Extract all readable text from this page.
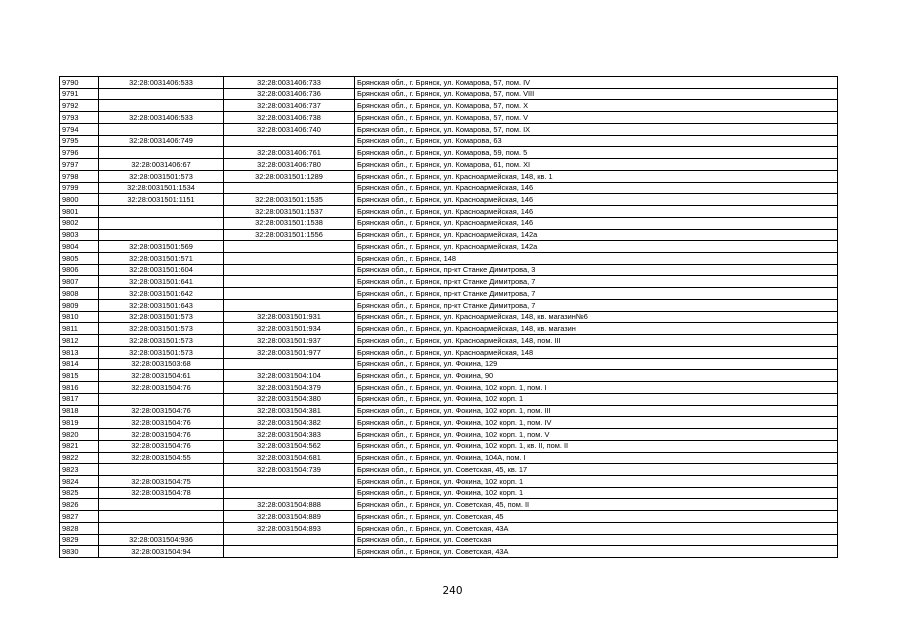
9790	32:28:0031406:533	32:28:0031406:733	Брянская обл., г. Брянск, ул. Комарова, 57, пом. IV
9791		32:28:0031406:736	Брянская обл., г. Брянск, ул. Комарова, 57, пом. VIII
9792		32:28:0031406:737	Брянская обл., г. Брянск, ул. Комарова, 57, пом. X
9793	32:28:0031406:533	32:28:0031406:738	Брянская обл., г. Брянск, ул. Комарова, 57, пом. V
9794		32:28:0031406:740	Брянская обл., г. Брянск, ул. Комарова, 57, пом. IX
9795	32:28:0031406:749		Брянская обл., г. Брянск, ул. Комарова, 63
9796		32:28:0031406:761	Брянская обл., г. Брянск, ул. Комарова, 59, пом. 5
9797	32:28:0031406:67	32:28:0031406:780	Брянская обл., г. Брянск, ул. Комарова, 61, пом. XI
9798	32:28:0031501:573	32:28:0031501:1289	Брянская обл., г. Брянск, ул. Красноармейская, 148, кв. 1
9799	32:28:0031501:1534		Брянская обл., г. Брянск, ул. Красноармейская, 146
9800	32:28:0031501:1151	32:28:0031501:1535	Брянская обл., г. Брянск, ул. Красноармейская, 146
9801		32:28:0031501:1537	Брянская обл., г. Брянск, ул. Красноармейская, 146
9802		32:28:0031501:1538	Брянская обл., г. Брянск, ул. Красноармейская, 146
9803		32:28:0031501:1556	Брянская обл., г. Брянск, ул. Красноармейская, 142а
9804	32:28:0031501:569		Брянская обл., г. Брянск, ул. Красноармейская, 142а
9805	32:28:0031501:571		Брянская обл., г. Брянск, 148
9806	32:28:0031501:604		Брянская обл., г. Брянск, пр-кт Станке Димитрова, 3
9807	32:28:0031501:641		Брянская обл., г. Брянск, пр-кт Станке Димитрова, 7
9808	32:28:0031501:642		Брянская обл., г. Брянск, пр-кт Станке Димитрова, 7
9809	32:28:0031501:643		Брянская обл., г. Брянск, пр-кт Станке Димитрова, 7
9810	32:28:0031501:573	32:28:0031501:931	Брянская обл., г. Брянск, ул. Красноармейская, 148, кв. магазин№6
9811	32:28:0031501:573	32:28:0031501:934	Брянская обл., г. Брянск, ул. Красноармейская, 148, кв. магазин
9812	32:28:0031501:573	32:28:0031501:937	Брянская обл., г. Брянск, ул. Красноармейская, 148, пом. III
9813	32:28:0031501:573	32:28:0031501:977	Брянская обл., г. Брянск, ул. Красноармейская, 148
9814	32:28:0031503:68		Брянская обл., г. Брянск, ул. Фокина, 129
9815	32:28:0031504:61	32:28:0031504:104	Брянская обл., г. Брянск, ул. Фокина, 90
9816	32:28:0031504:76	32:28:0031504:379	Брянская обл., г. Брянск, ул. Фокина, 102 корп. 1, пом. I
9817		32:28:0031504:380	Брянская обл., г. Брянск, ул. Фокина, 102 корп. 1
9818	32:28:0031504:76	32:28:0031504:381	Брянская обл., г. Брянск, ул. Фокина, 102 корп. 1, пом. III
9819	32:28:0031504:76	32:28:0031504:382	Брянская обл., г. Брянск, ул. Фокина, 102 корп. 1, пом. IV
9820	32:28:0031504:76	32:28:0031504:383	Брянская обл., г. Брянск, ул. Фокина, 102 корп. 1, пом. V
9821	32:28:0031504:76	32:28:0031504:562	Брянская обл., г. Брянск, ул. Фокина, 102 корп. 1, кв. II, пом. II
9822	32:28:0031504:55	32:28:0031504:681	Брянская обл., г. Брянск, ул. Фокина, 104А, пом. I
9823		32:28:0031504:739	Брянская обл., г. Брянск, ул. Советская, 45, кв. 17
9824	32:28:0031504:75		Брянская обл., г. Брянск, ул. Фокина, 102 корп. 1
9825	32:28:0031504:78		Брянская обл., г. Брянск, ул. Фокина, 102 корп. 1
9826		32:28:0031504:888	Брянская обл., г. Брянск, ул. Советская, 45, пом. II
9827		32:28:0031504:889	Брянская обл., г. Брянск, ул. Советская, 45
9828		32:28:0031504:893	Брянская обл., г. Брянск, ул. Советская, 43А
9829	32:28:0031504:936		Брянская обл., г. Брянск, ул. Советская
9830	32:28:0031504:94		Брянская обл., г. Брянск, ул. Советская, 43А
240
